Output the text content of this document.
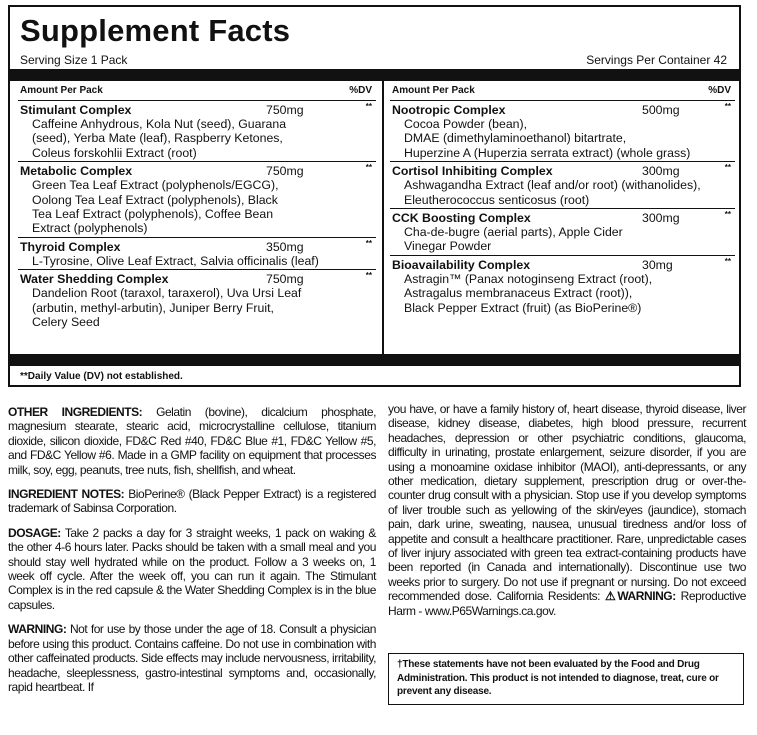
Supplement Facts
Serving Size 1 Pack	Servings Per Container 42
Amount Per Pack	%DV
Stimulant Complex	750mg	**
Caffeine Anhydrous, Kola Nut (seed), Guarana
(seed), Yerba Mate (leaf), Raspberry Ketones,
Coleus forskohlii Extract (root)
Metabolic Complex	750mg	**
Green Tea Leaf Extract (polyphenols/EGCG),
Oolong Tea Leaf Extract (polyphenols), Black
Tea Leaf Extract (polyphenols), Coffee Bean
Extract (polyphenols)
Thyroid Complex	350mg	**
L-Tyrosine, Olive Leaf Extract, Salvia officinalis (leaf)
Water Shedding Complex	750mg	**
Dandelion Root (taraxol, taraxerol), Uva Ursi Leaf
(arbutin, methyl-arbutin), Juniper Berry Fruit,
Celery Seed
Amount Per Pack	%DV
Nootropic Complex	500mg	**
Cocoa Powder (bean),
DMAE (dimethylaminoethanol) bitartrate,
Huperzine A (Huperzia serrata extract) (whole grass)
Cortisol Inhibiting Complex	300mg	**
Ashwagandha Extract (leaf and/or root) (withanolides),
Eleutherococcus senticosus (root)
CCK Boosting Complex	300mg	**
Cha-de-bugre (aerial parts), Apple Cider
Vinegar Powder
Bioavailability Complex	30mg	**
Astragin™ (Panax notoginseng Extract (root),
Astragalus membranaceus Extract (root)),
Black Pepper Extract (fruit) (as BioPerine®)
**Daily Value (DV) not established.

OTHER INGREDIENTS: Gelatin (bovine), dicalcium phosphate, magnesium stearate, stearic acid, microcrystalline cellulose, titanium dioxide, silicon dioxide, FD&C Red #40, FD&C Blue #1, FD&C Yellow #5, and FD&C Yellow #6. Made in a GMP facility on equipment that processes milk, soy, egg, peanuts, tree nuts, fish, shellfish, and wheat.

INGREDIENT NOTES: BioPerine® (Black Pepper Extract) is a registered trademark of Sabinsa Corporation.

DOSAGE: Take 2 packs a day for 3 straight weeks, 1 pack on waking & the other 4-6 hours later. Packs should be taken with a small meal and you should stay well hydrated while on the product. Follow a 3 weeks on, 1 week off cycle. After the week off, you can run it again. The Stimulant Complex is in the red capsule & the Water Shedding Complex is in the blue capsules.

WARNING: Not for use by those under the age of 18. Consult a physician before using this product. Contains caffeine. Do not use in combination with other caffeinated products. Side effects may include nervousness, irritability, headache, sleeplessness, gastro-intestinal symptoms and, occasionally, rapid heartbeat. If

you have, or have a family history of, heart disease, thyroid disease, liver disease, kidney disease, diabetes, high blood pressure, recurrent headaches, depression or other psychiatric conditions, glaucoma, difficulty in urinating, prostate enlargement, seizure disorder, if you are using a monoamine oxidase inhibitor (MAOI), anti-depressants, or any other medication, dietary supplement, prescription drug or over-the-counter drug consult with a physician. Stop use if you develop symptoms of liver trouble such as yellowing of the skin/eyes (jaundice), stomach pain, dark urine, sweating, nausea, unusual tiredness and/or loss of appetite and consult a healthcare practitioner. Rare, unpredictable cases of liver injury associated with green tea extract-containing products have been reported (in Canada and internationally). Discontinue use two weeks prior to surgery. Do not use if pregnant or nursing. Do not exceed recommended dose. California Residents: ⚠WARNING: Reproductive Harm - www.P65Warnings.ca.gov.

†These statements have not been evaluated by the Food and Drug Administration. This product is not intended to diagnose, treat, cure or prevent any disease.
